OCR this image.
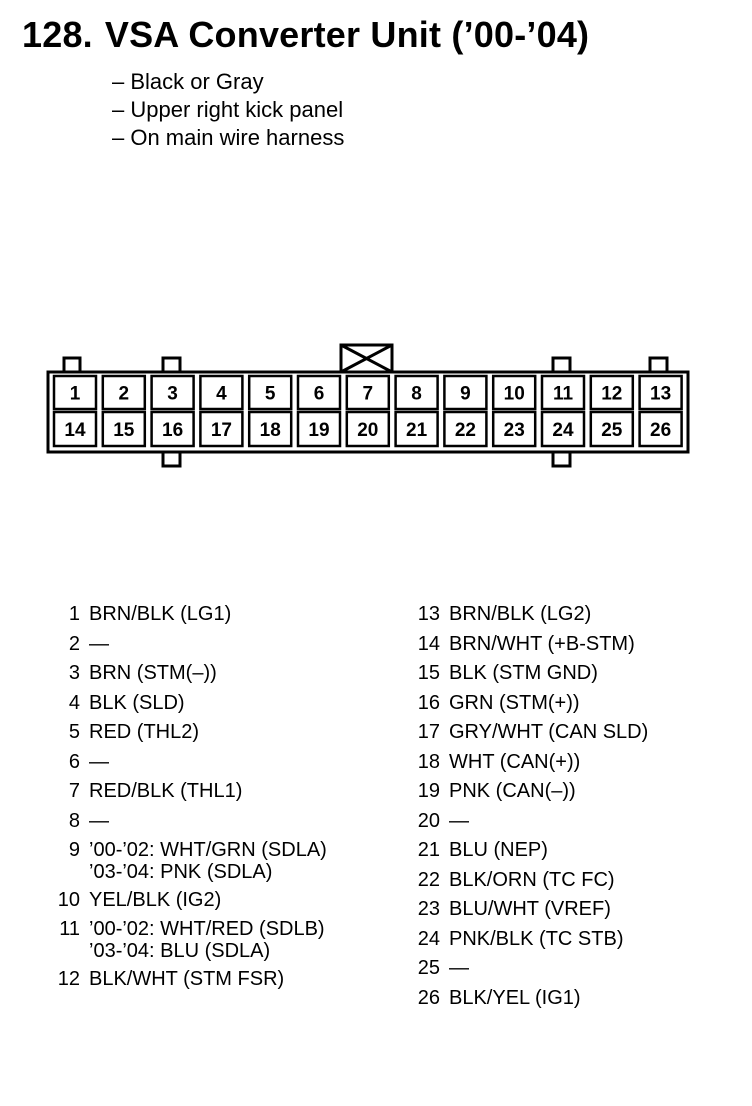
128. VSA Converter Unit (’00-’04)
– Black or Gray
– Upper right kick panel
– On main wire harness
1 2 3 4 5 6 7 8 9 10 11 12 13
14 15 16 17 18 19 20 21 22 23 24 25 26
1 BRN/BLK (LG1)
2 —
3 BRN (STM(–))
4 BLK (SLD)
5 RED (THL2)
6 —
7 RED/BLK (THL1)
8 —
9 ’00-’02: WHT/GRN (SDLA)
’03-’04: PNK (SDLA)
10 YEL/BLK (IG2)
11 ’00-’02: WHT/RED (SDLB)
’03-’04: BLU (SDLA)
12 BLK/WHT (STM FSR)
13 BRN/BLK (LG2)
14 BRN/WHT (+B-STM)
15 BLK (STM GND)
16 GRN (STM(+))
17 GRY/WHT (CAN SLD)
18 WHT (CAN(+))
19 PNK (CAN(–))
20 —
21 BLU (NEP)
22 BLK/ORN (TC FC)
23 BLU/WHT (VREF)
24 PNK/BLK (TC STB)
25 —
26 BLK/YEL (IG1)
